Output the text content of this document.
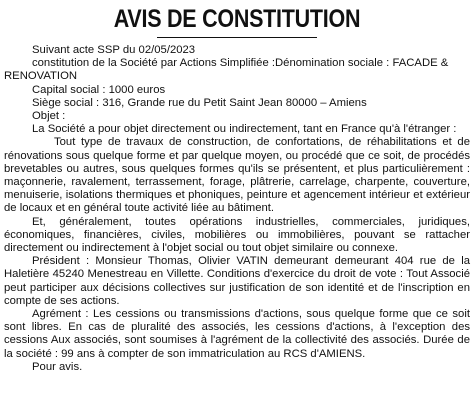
AVIS DE CONSTITUTION

Suivant acte SSP du 02/05/2023

constitution de la Société par Actions Simplifiée :Dénomination sociale : FACADE & RENOVATION

Capital social : 1000 euros

Siège social : 316, Grande rue du Petit Saint Jean 80000 – Amiens

Objet :

La Société a pour objet directement ou indirectement, tant en France qu'à l'étranger :

Tout type de travaux de construction, de confortations, de réhabilitations et de rénovations sous quelque forme et par quelque moyen, ou procédé que ce soit, de procédés brevetables ou autres, sous quelques formes qu'ils se présentent, et plus particulièrement : maçonnerie, ravalement, terrassement, forage, plâtrerie, carrelage, charpente, couverture, menuiserie, isolations thermiques et phoniques, peinture et agencement intérieur et extérieur de locaux et en général toute activité liée au bâtiment.

Et, généralement, toutes opérations industrielles, commerciales, juridiques, économiques, financières, civiles, mobilières ou immobilières, pouvant se rattacher directement ou indirectement à l'objet social ou tout objet similaire ou connexe.

Président : Monsieur Thomas, Olivier VATIN demeurant demeurant 404 rue de la Haletière 45240 Menestreau en Villette. Conditions d'exercice du droit de vote : Tout Associé peut participer aux décisions collectives sur justification de son identité et de l'inscription en compte de ses actions.

Agrément : Les cessions ou transmissions d'actions, sous quelque forme que ce soit sont libres. En cas de pluralité des associés, les cessions d'actions, à l'exception des cessions Aux associés, sont soumises à l'agrément de la collectivité des associés. Durée de la société : 99 ans à compter de son immatriculation au RCS d'AMIENS.

Pour avis.
